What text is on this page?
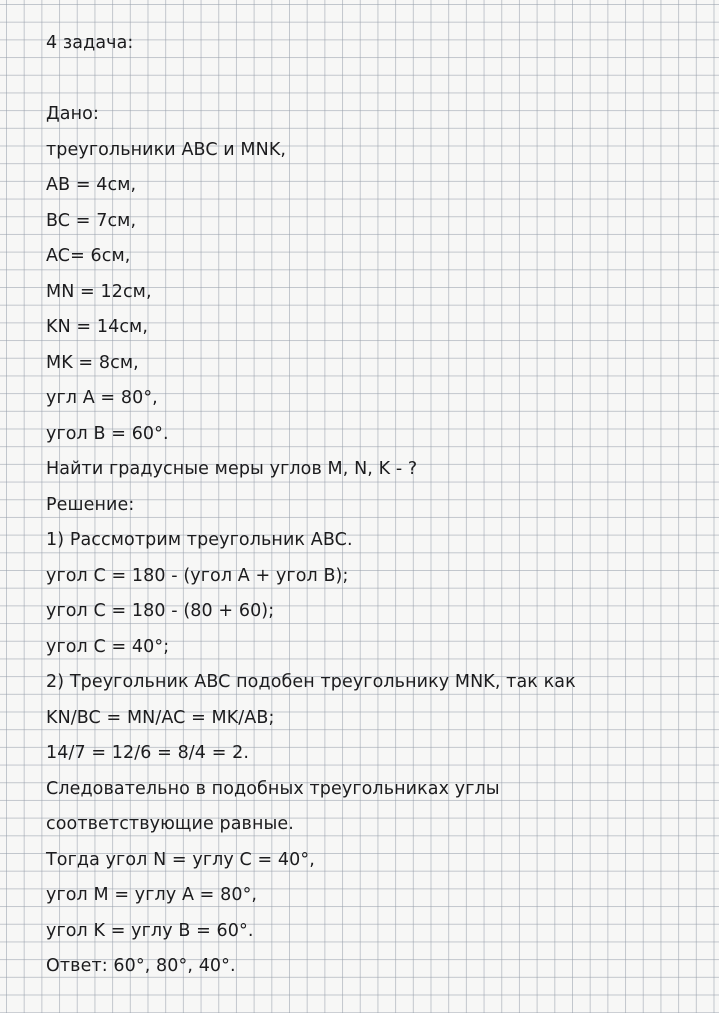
4 задача:
Дано:
треугольники ABC и MNK,
AB = 4см,
BC = 7см,
AC= 6см,
MN = 12см,
KN = 14см,
MK = 8см,
угл A = 80°,
угол B = 60°.
Найти градусные меры углов M, N, K - ?
Решение:
1) Рассмотрим треугольник ABC.
угол C = 180 - (угол A + угол B);
угол C = 180 - (80 + 60);
угол C = 40°;
2) Треугольник ABC подобен треугольнику MNK, так как
KN/BC = MN/AC = MK/AB;
14/7 = 12/6 = 8/4 = 2.
Следовательно в подобных треугольниках углы
соответствующие равные.
Тогда угол N = углу C = 40°,
угол M = углу A = 80°,
угол K = углу B = 60°.
Ответ: 60°, 80°, 40°.
